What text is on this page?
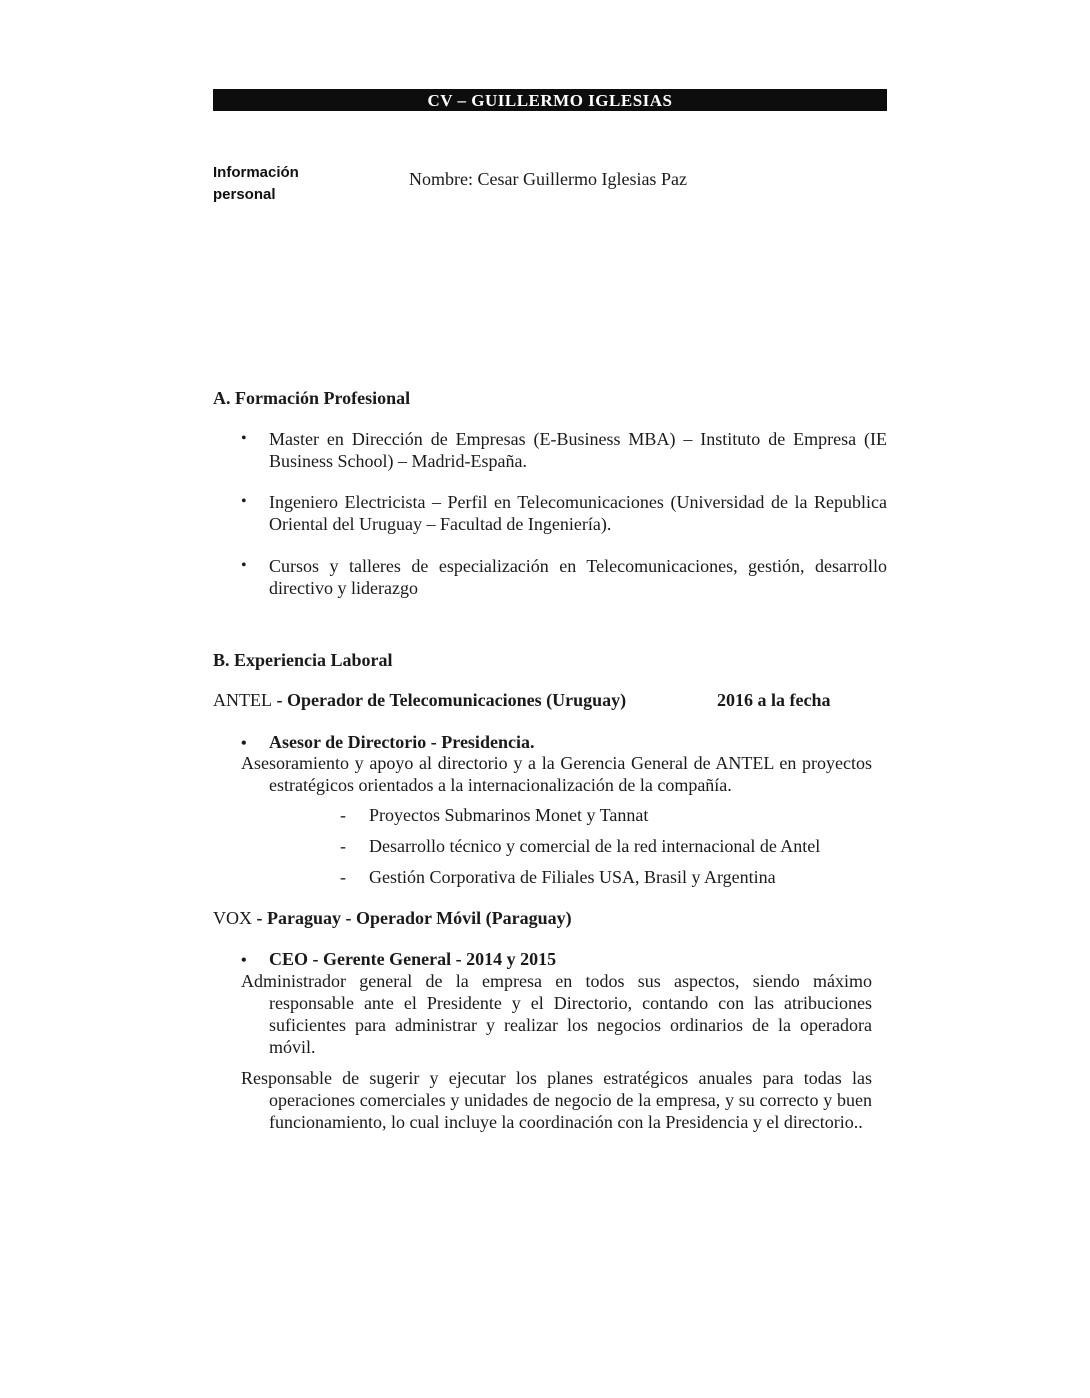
CV – GUILLERMO IGLESIAS
Información
personal
Nombre: Cesar Guillermo Iglesias Paz
A. Formación Profesional
•	Master en Dirección de Empresas (E-Business MBA) – Instituto de Empresa (IE Business School) – Madrid-España.
•	Ingeniero Electricista – Perfil en Telecomunicaciones (Universidad de la Republica Oriental del Uruguay – Facultad de Ingeniería).
•	Cursos y talleres de especialización en Telecomunicaciones, gestión, desarrollo directivo y liderazgo
B. Experiencia Laboral
ANTEL - Operador de Telecomunicaciones (Uruguay)	2016 a la fecha
• Asesor de Directorio - Presidencia.
Asesoramiento y apoyo al directorio y a la Gerencia General de ANTEL en proyectos estratégicos orientados a la internacionalización de la compañía.
- Proyectos Submarinos Monet y Tannat
- Desarrollo técnico y comercial de la red internacional de Antel
- Gestión Corporativa de Filiales USA, Brasil y Argentina
VOX - Paraguay - Operador Móvil (Paraguay)
• CEO - Gerente General - 2014 y 2015
Administrador general de la empresa en todos sus aspectos, siendo máximo responsable ante el Presidente y el Directorio, contando con las atribuciones suficientes para administrar y realizar los negocios ordinarios de la operadora móvil.
Responsable de sugerir y ejecutar los planes estratégicos anuales para todas las operaciones comerciales y unidades de negocio de la empresa, y su correcto y buen funcionamiento, lo cual incluye la coordinación con la Presidencia y el directorio..
